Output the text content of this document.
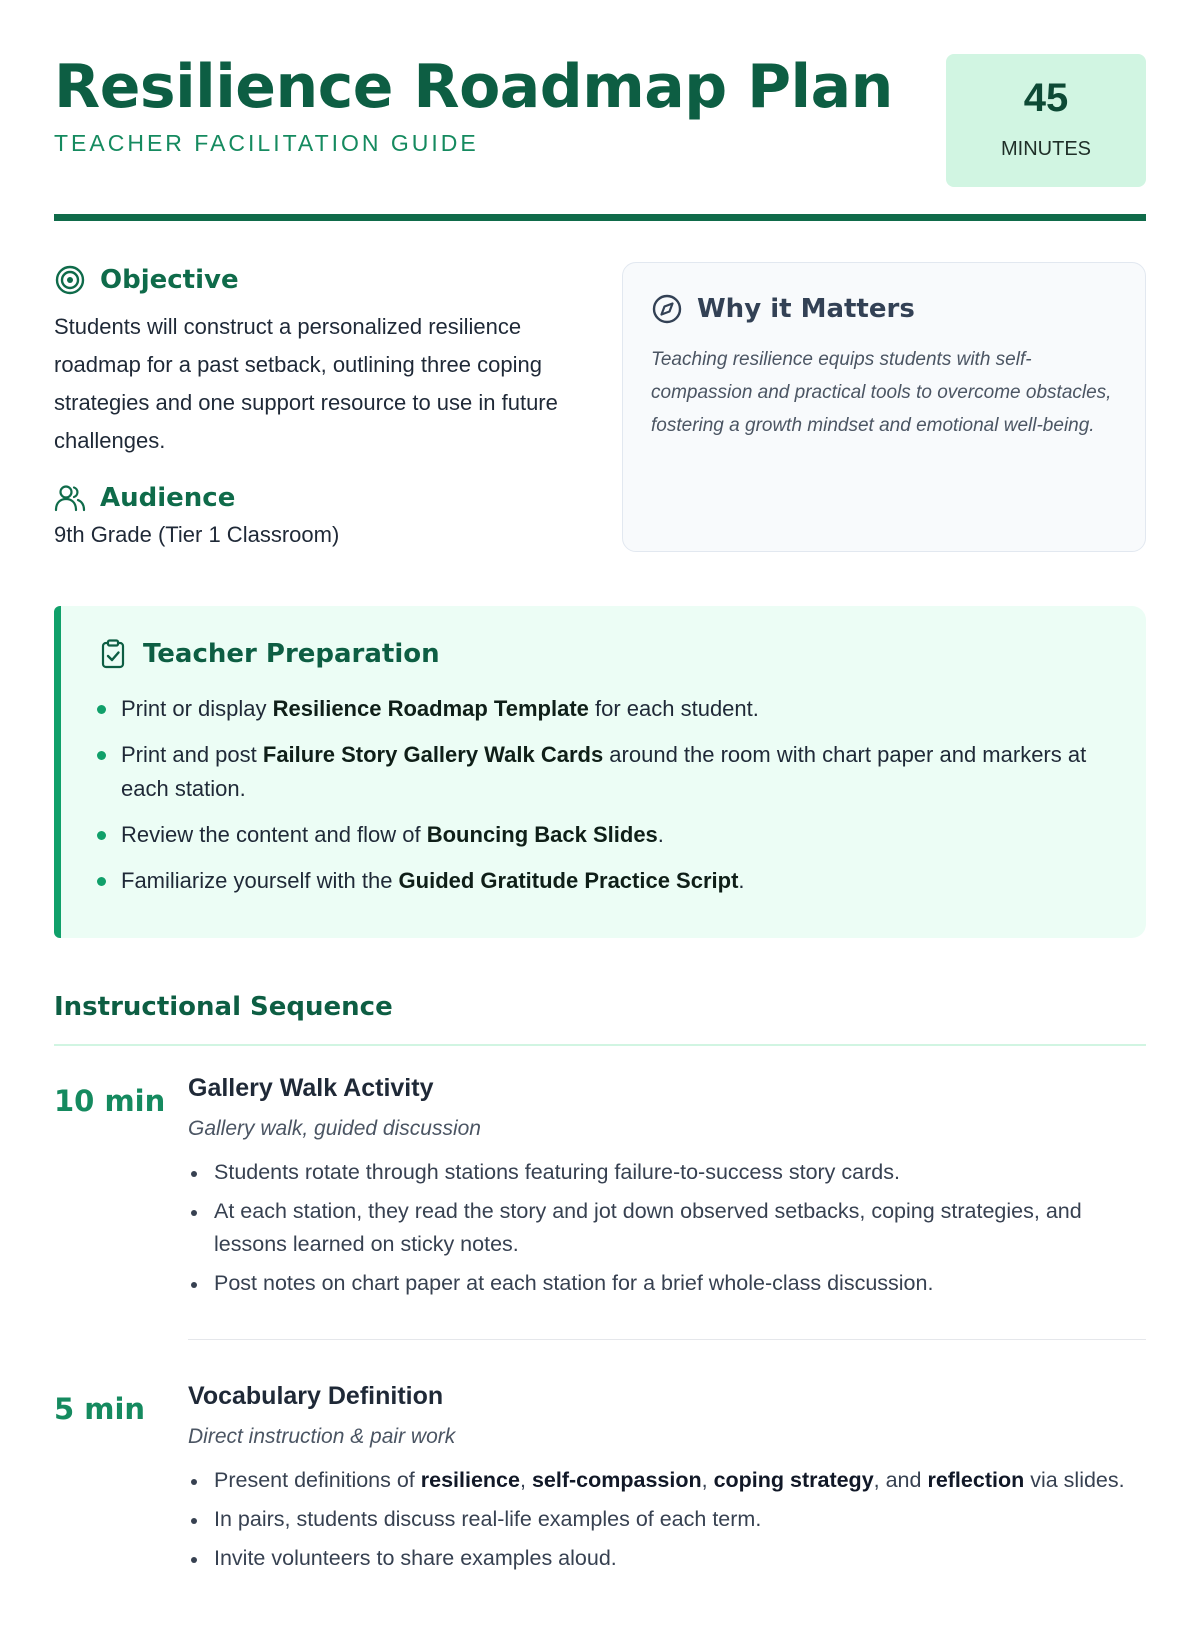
Resilience Roadmap Plan
TEACHER FACILITATION GUIDE
45
MINUTES
Objective

Students will construct a personalized resilience roadmap for a past setback, outlining three coping strategies and one support resource to use in future challenges.

Audience
9th Grade (Tier 1 Classroom)
Why it Matters

Teaching resilience equips students with self-compassion and practical tools to overcome obstacles, fostering a growth mindset and emotional well-being.

Teacher Preparation
Print or display Resilience Roadmap Template for each student.
Print and post Failure Story Gallery Walk Cards around the room with chart paper and markers at each station.
Review the content and flow of Bouncing Back Slides.
Familiarize yourself with the Guided Gratitude Practice Script.
Instructional Sequence
10 min Gallery Walk Activity
Gallery walk, guided discussion
Students rotate through stations featuring failure-to-success story cards.
At each station, they read the story and jot down observed setbacks, coping strategies, and lessons learned on sticky notes.
Post notes on chart paper at each station for a brief whole-class discussion.
5 min Vocabulary Definition
Direct instruction & pair work
Present definitions of resilience, self-compassion, coping strategy, and reflection via slides.
In pairs, students discuss real-life examples of each term.
Invite volunteers to share examples aloud.
